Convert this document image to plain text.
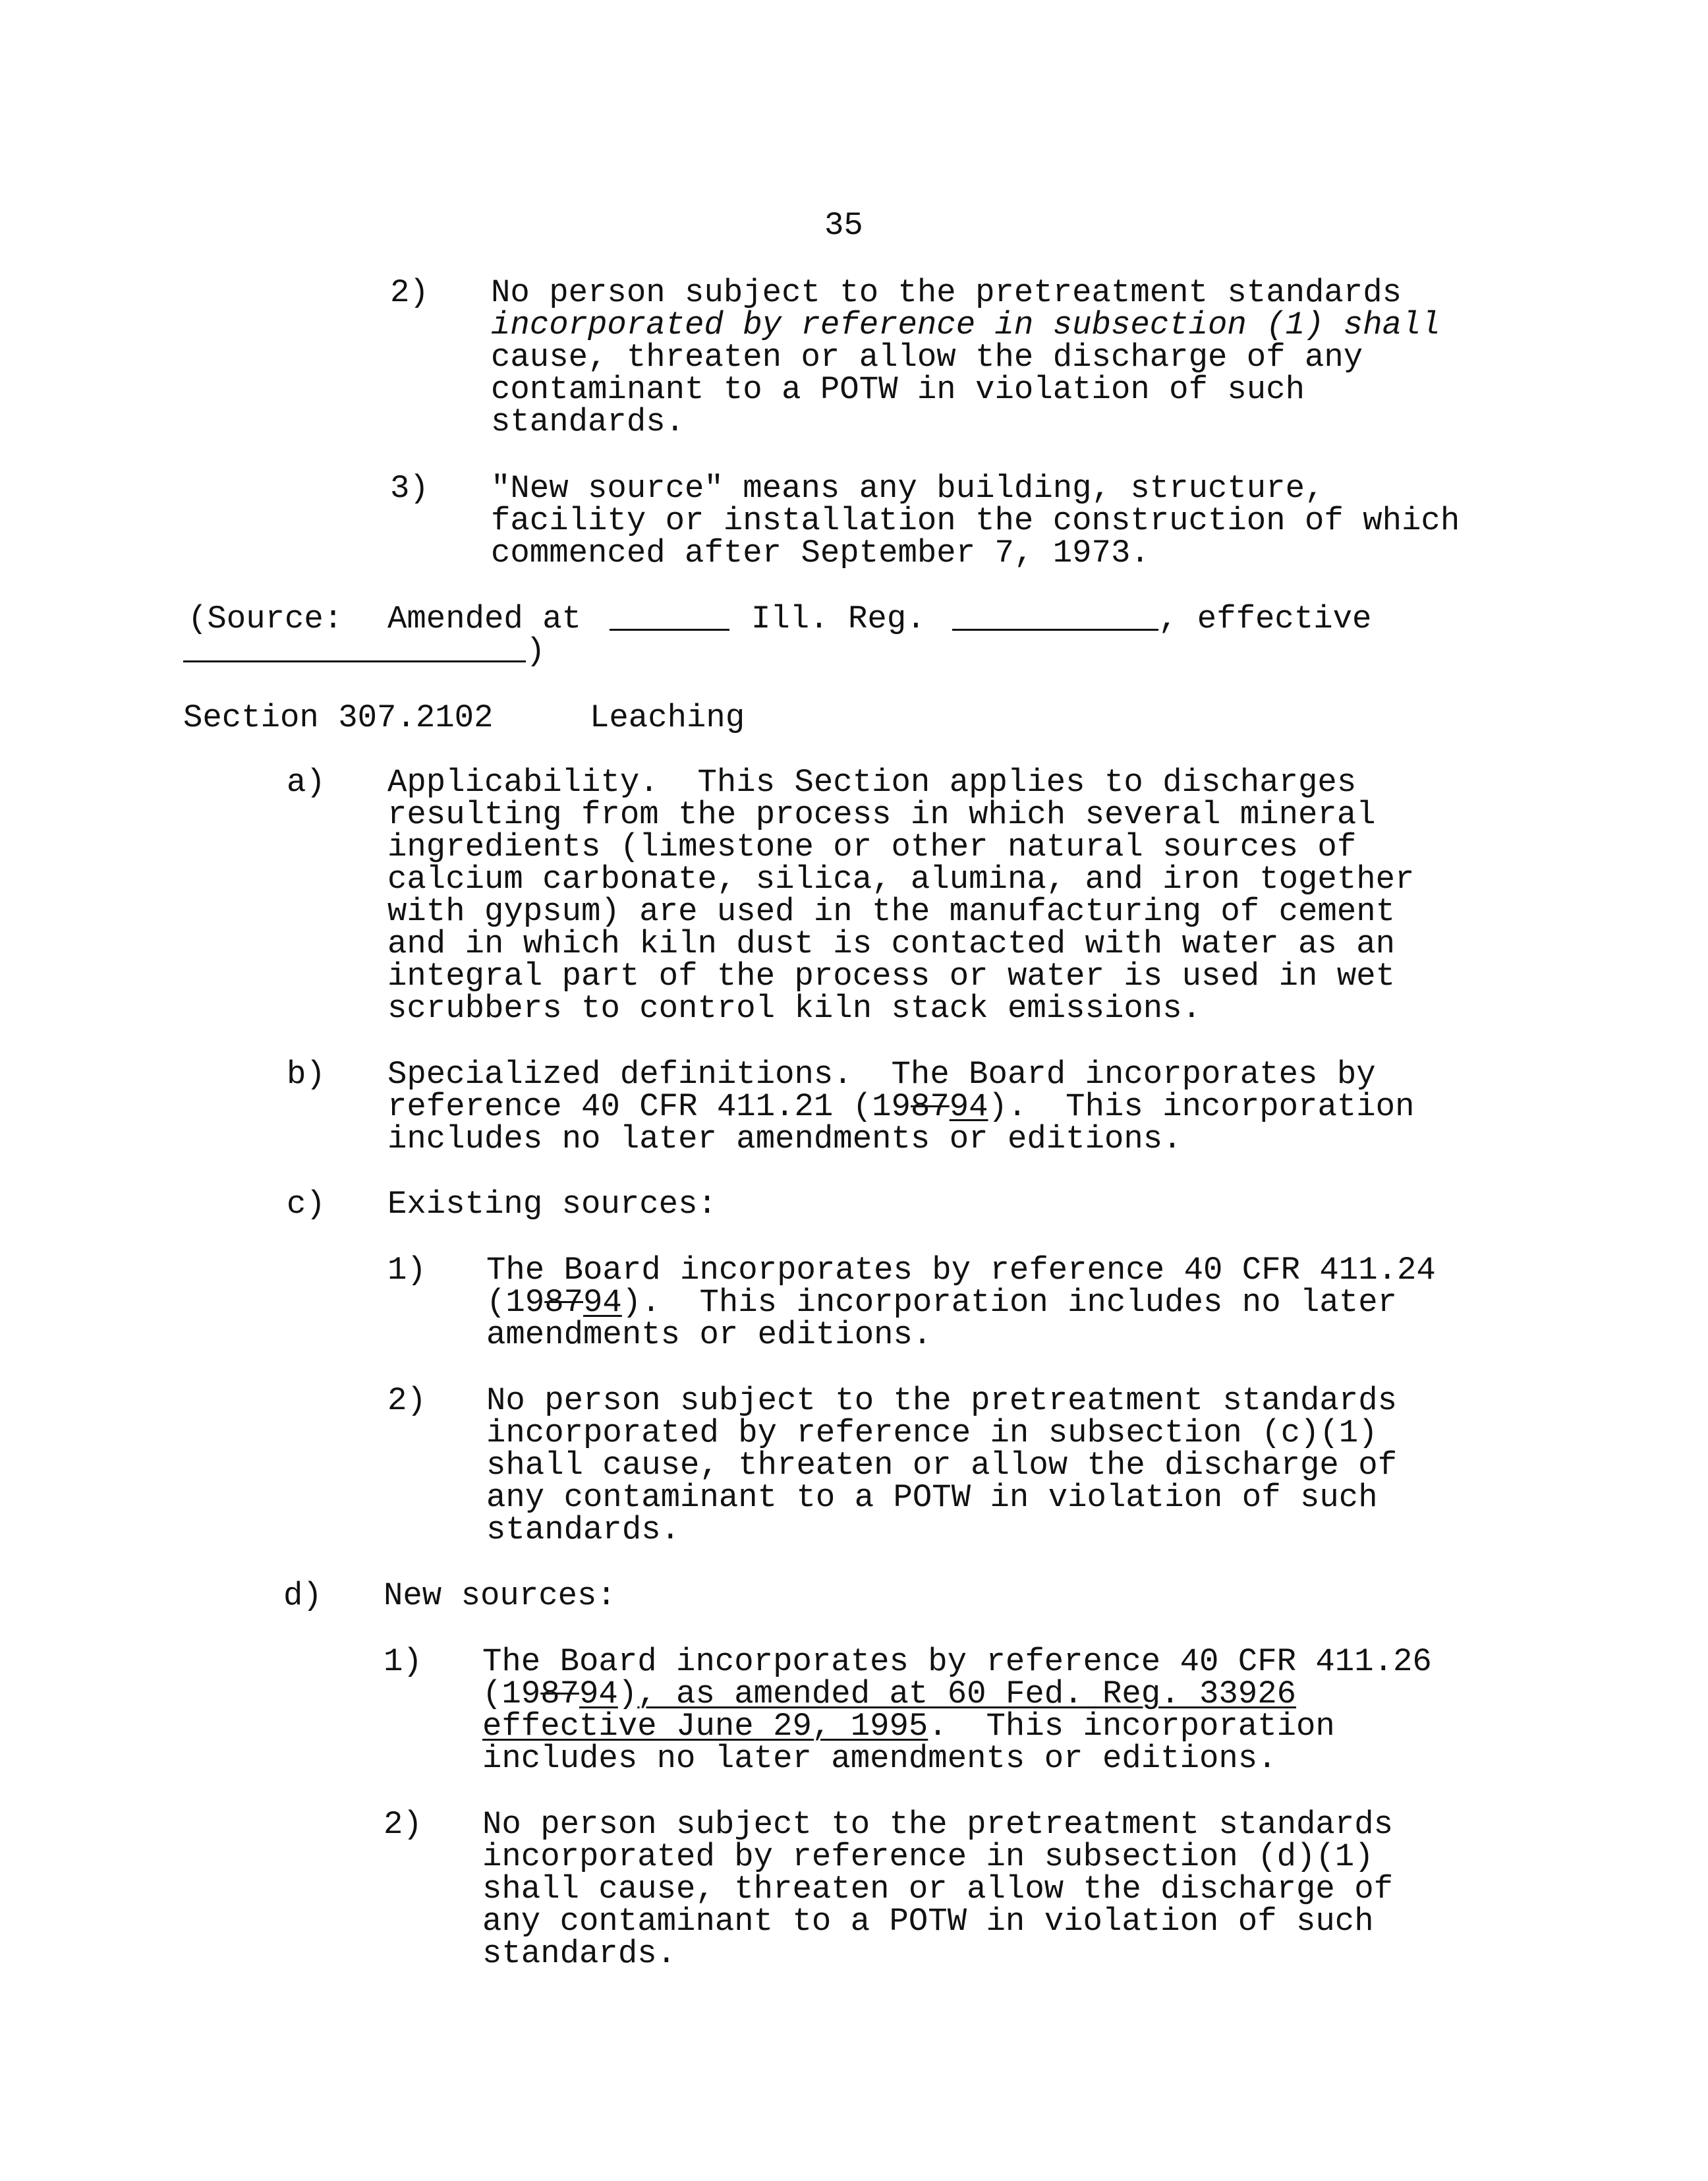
35
2) No person subject to the pretreatment standards
incorporated by reference in subsection (1) shall
cause, threaten or allow the discharge of any
contaminant to a POTW in violation of such
standards.
3) "New source" means any building, structure,
facility or installation the construction of which
commenced after September 7, 1973.
(Source: Amended at	Ill. Reg.	, effective
)
Section 307.2102	Leaching
a) Applicability.  This Section applies to discharges
resulting from the process in which several mineral
ingredients (limestone or other natural sources of
calcium carbonate, silica, alumina, and iron together
with gypsum) are used in the manufacturing of cement
and in which kiln dust is contacted with water as an
integral part of the process or water is used in wet
scrubbers to control kiln stack emissions.
b) Specialized definitions.  The Board incorporates by
reference 40 CFR 411.21 (198794).  This incorporation
includes no later amendments or editions.
c) Existing sources:
1) The Board incorporates by reference 40 CFR 411.24
(198794).  This incorporation includes no later
amendments or editions.
2) No person subject to the pretreatment standards
incorporated by reference in subsection (c)(1)
shall cause, threaten or allow the discharge of
any contaminant to a POTW in violation of such
standards.
d) New sources:
1) The Board incorporates by reference 40 CFR 411.26
(198794), as amended at 60 Fed. Reg. 33926
effective June 29, 1995.  This incorporation
includes no later amendments or editions.
2) No person subject to the pretreatment standards
incorporated by reference in subsection (d)(1)
shall cause, threaten or allow the discharge of
any contaminant to a POTW in violation of such
standards.
